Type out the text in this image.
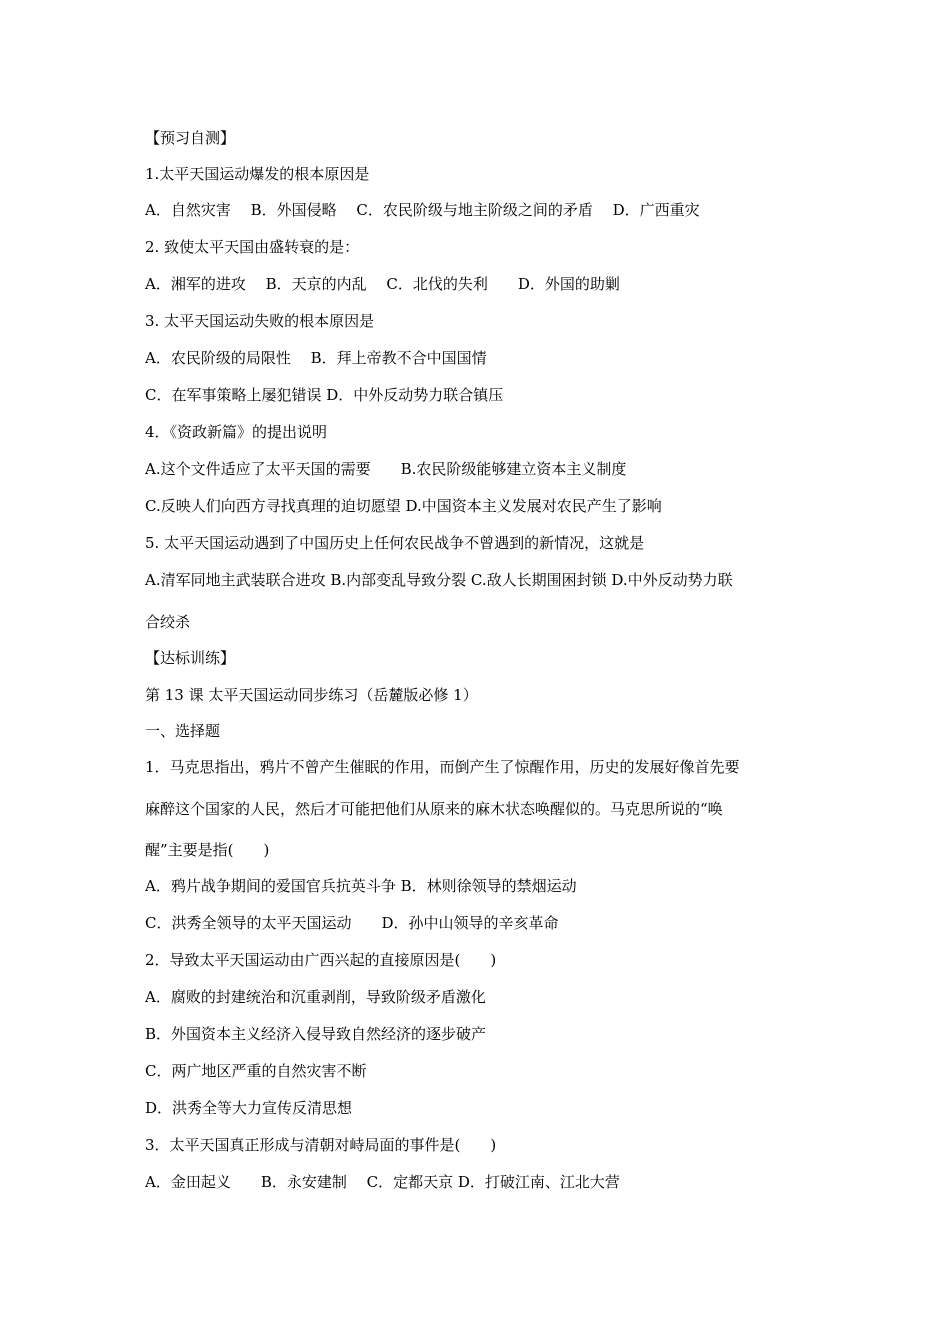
【预习自测】
1.太平天国运动爆发的根本原因是
A．自然灾害　 B．外国侵略　 C．农民阶级与地主阶级之间的矛盾　 D．广西重灾
2. 致使太平天国由盛转衰的是：
A．湘军的进攻　 B．天京的内乱　 C．北伐的失利　　D．外国的助剿
3. 太平天国运动失败的根本原因是
A．农民阶级的局限性　 B．拜上帝教不合中国国情
C．在军事策略上屡犯错误 D．中外反动势力联合镇压
4．《资政新篇》的提出说明
A.这个文件适应了太平天国的需要　　B.农民阶级能够建立资本主义制度
C.反映人们向西方寻找真理的迫切愿望 D.中国资本主义发展对农民产生了影响
5. 太平天国运动遇到了中国历史上任何农民战争不曾遇到的新情况，这就是
A.清军同地主武装联合进攻 B.内部变乱导致分裂 C.敌人长期围困封锁 D.中外反动势力联
合绞杀
【达标训练】
第 13 课 太平天国运动同步练习（岳麓版必修 1）
一、选择题
1．马克思指出，鸦片不曾产生催眠的作用，而倒产生了惊醒作用，历史的发展好像首先要
麻醉这个国家的人民，然后才可能把他们从原来的麻木状态唤醒似的。马克思所说的“唤
醒”主要是指(　　)
A．鸦片战争期间的爱国官兵抗英斗争 B．林则徐领导的禁烟运动
C．洪秀全领导的太平天国运动　　D．孙中山领导的辛亥革命
2．导致太平天国运动由广西兴起的直接原因是(　　)
A．腐败的封建统治和沉重剥削，导致阶级矛盾激化
B．外国资本主义经济入侵导致自然经济的逐步破产
C．两广地区严重的自然灾害不断
D．洪秀全等大力宣传反清思想
3．太平天国真正形成与清朝对峙局面的事件是(　　)
A．金田起义　　B．永安建制　 C．定都天京 D．打破江南、江北大营
